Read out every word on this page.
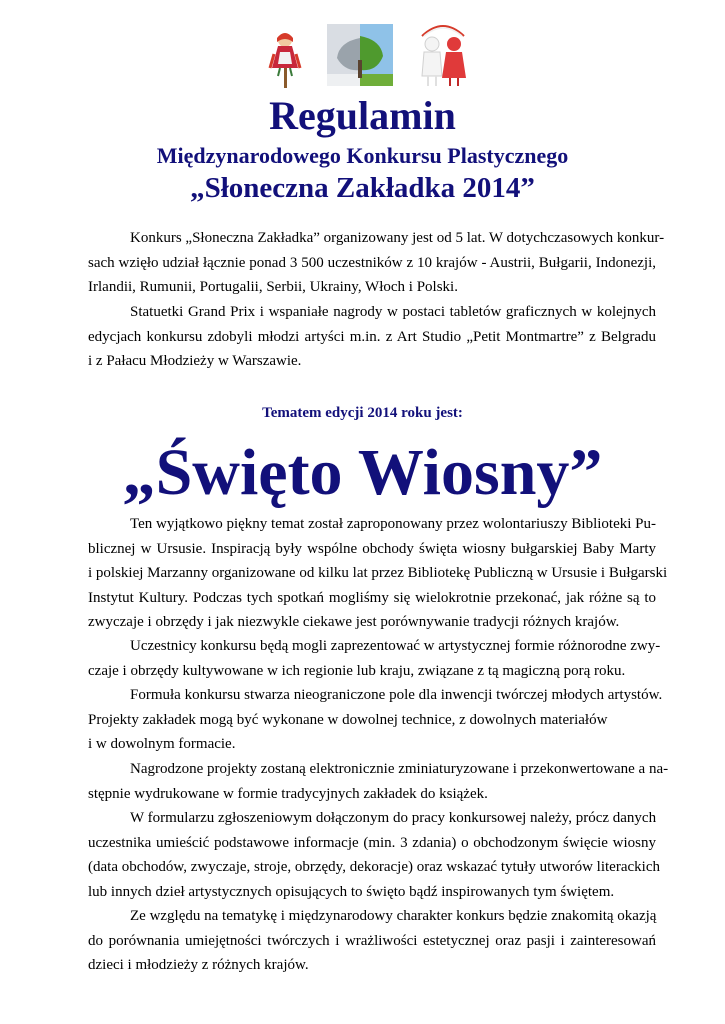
Regulamin
Międzynarodowego Konkursu Plastycznego
„Słoneczna Zakładka 2014”
Konkurs „Słoneczna Zakładka” organizowany jest od 5 lat. W dotychczasowych konkur-
sach wzięło udział łącznie ponad 3 500 uczestników z 10 krajów - Austrii, Bułgarii, Indonezji,
Irlandii, Rumunii, Portugalii, Serbii, Ukrainy, Włoch i Polski.
Statuetki Grand Prix i wspaniałe nagrody w postaci tabletów graficznych w kolejnych
edycjach konkursu zdobyli młodzi artyści m.in. z Art Studio „Petit Montmartre” z Belgradu
i z Pałacu Młodzieży w Warszawie.
Tematem edycji 2014 roku jest:
„Święto Wiosny”
Ten wyjątkowo piękny temat został zaproponowany przez wolontariuszy Biblioteki Pu-
blicznej w Ursusie. Inspiracją były wspólne obchody święta wiosny bułgarskiej Baby Marty
i polskiej Marzanny organizowane od kilku lat przez Bibliotekę Publiczną w Ursusie i Bułgarski
Instytut Kultury. Podczas tych spotkań mogliśmy się wielokrotnie przekonać, jak różne są to
zwyczaje i obrzędy i jak niezwykle ciekawe jest porównywanie tradycji różnych krajów.
Uczestnicy konkursu będą mogli zaprezentować w artystycznej formie różnorodne zwy-
czaje i obrzędy kultywowane w ich regionie lub kraju, związane z tą magiczną porą roku.
Formuła konkursu stwarza nieograniczone pole dla inwencji twórczej młodych artystów.
Projekty zakładek mogą być wykonane w dowolnej technice, z dowolnych materiałów
i w dowolnym formacie.
Nagrodzone projekty zostaną elektronicznie zminiaturyzowane i przekonwertowane a na-
stępnie wydrukowane w formie tradycyjnych zakładek do książek.
W formularzu zgłoszeniowym dołączonym do pracy konkursowej należy, prócz danych
uczestnika umieścić podstawowe informacje (min. 3 zdania) o obchodzonym święcie wiosny
(data obchodów, zwyczaje, stroje, obrzędy, dekoracje) oraz wskazać tytuły utworów literackich
lub innych dzieł artystycznych opisujących to święto bądź inspirowanych tym świętem.
Ze względu na tematykę i międzynarodowy charakter konkurs będzie znakomitą okazją
do porównania umiejętności twórczych i wrażliwości estetycznej oraz pasji i zainteresowań
dzieci i młodzieży z różnych krajów.
